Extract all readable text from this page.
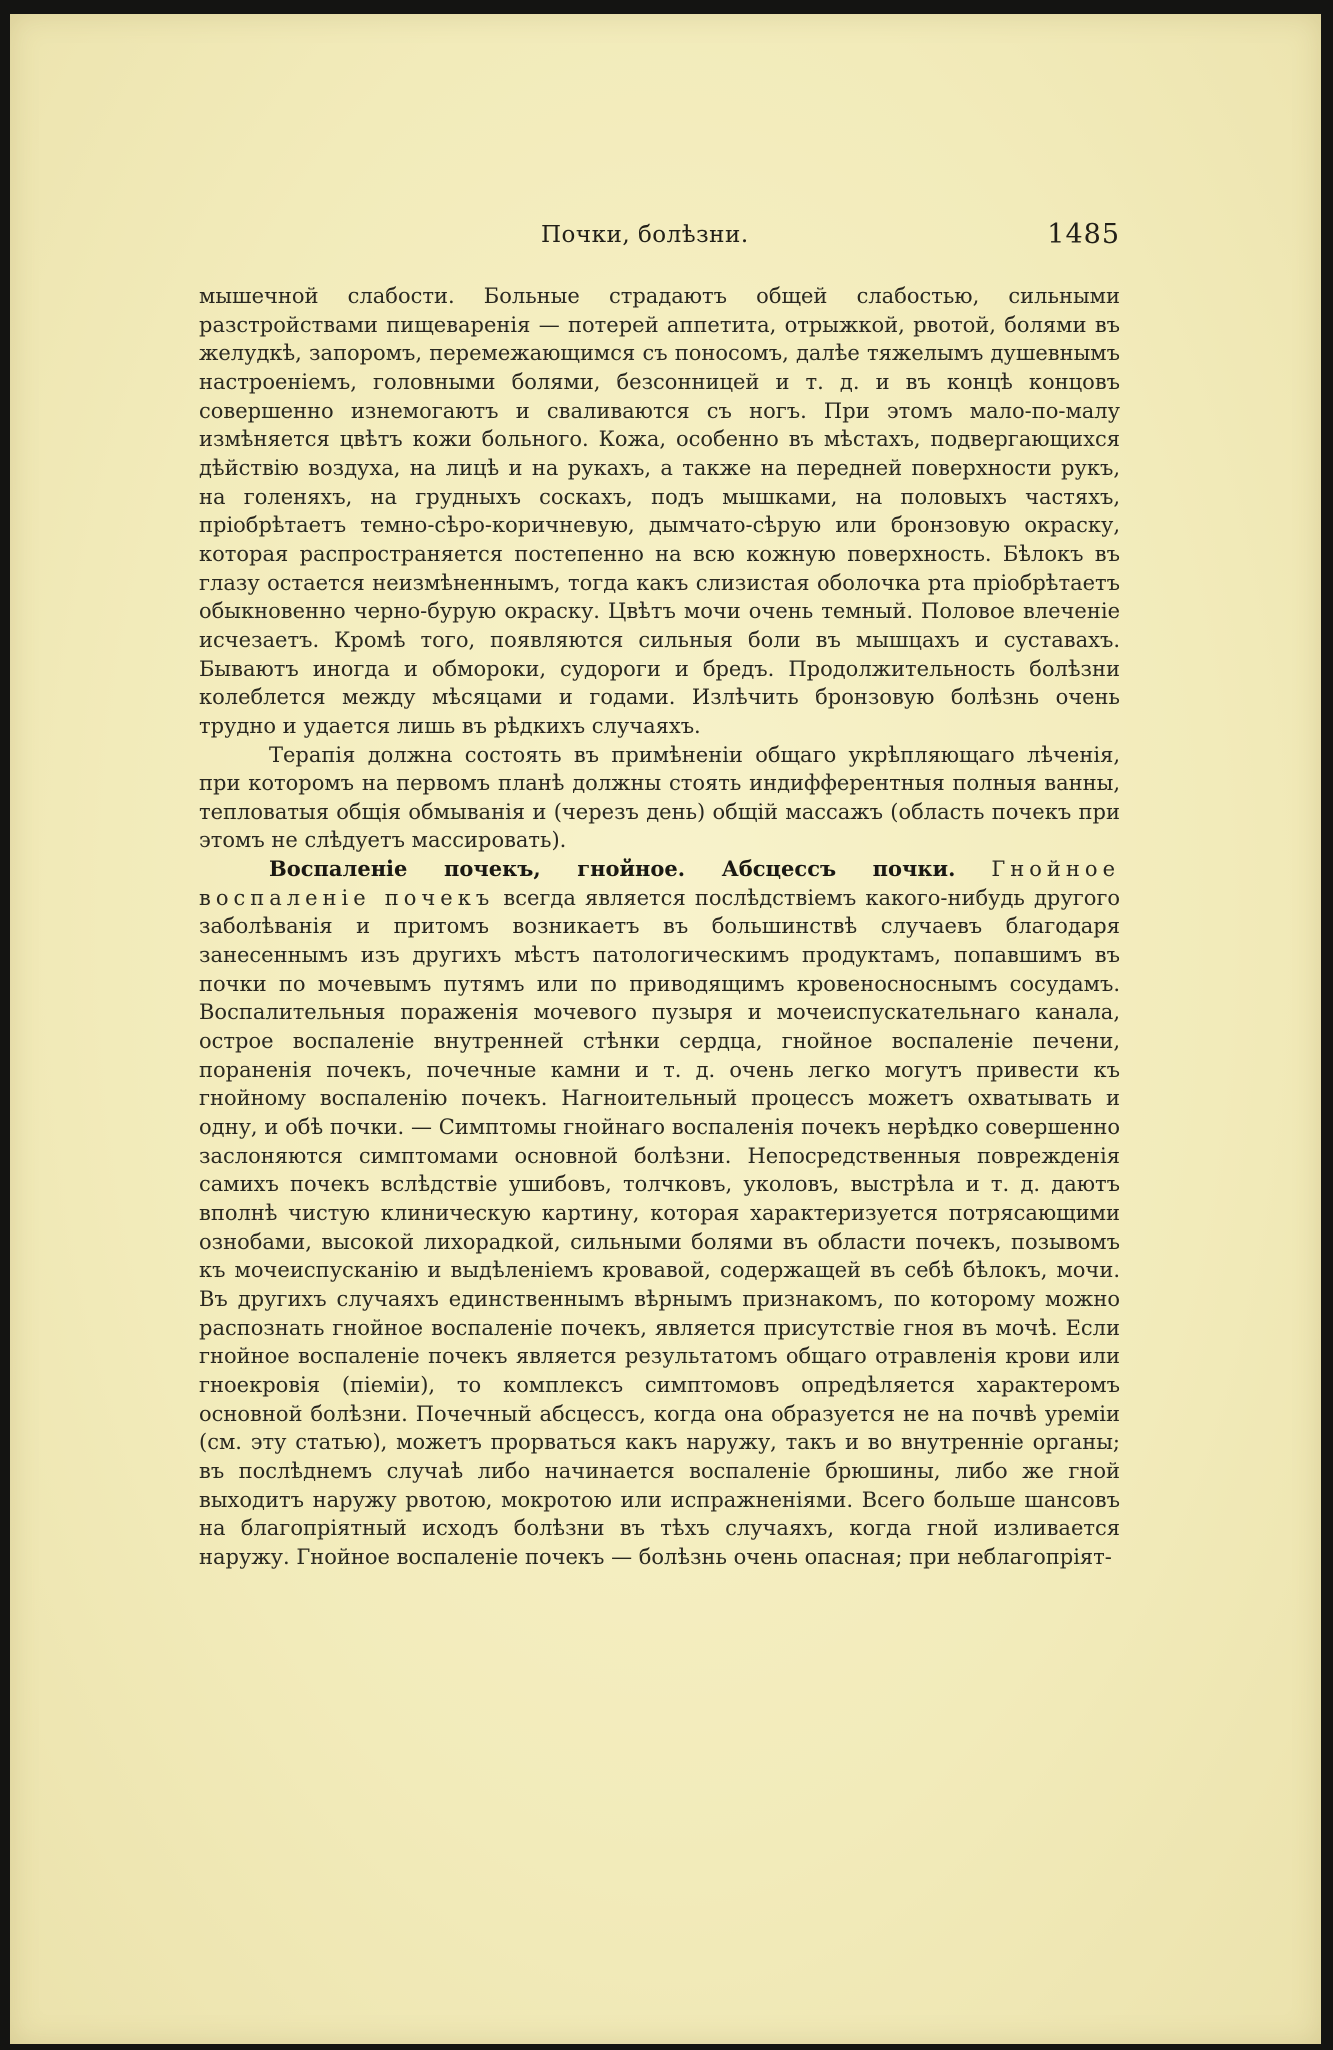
Почки, болѣзни.	1485

мышечной слабости. Больные страдаютъ общей слабостью, сильными разстройствами пищеваренія — потерей аппетита, отрыжкой, рвотой, болями въ желудкѣ, запоромъ, перемежающимся съ поносомъ, далѣе тяжелымъ душевнымъ настроеніемъ, головными болями, безсонницей и т. д. и въ концѣ концовъ совершенно изнемогаютъ и сваливаются съ ногъ. При этомъ мало-по-малу измѣняется цвѣтъ кожи больного. Кожа, особенно въ мѣстахъ, подвергающихся дѣйствію воздуха, на лицѣ и на рукахъ, а также на передней поверхности рукъ, на голеняхъ, на грудныхъ соскахъ, подъ мышками, на половыхъ частяхъ, пріобрѣтаетъ темно-сѣро-коричневую, дымчато-сѣрую или бронзовую окраску, которая распространяется постепенно на всю кожную поверхность. Бѣлокъ въ глазу остается неизмѣненнымъ, тогда какъ слизистая оболочка рта пріобрѣтаетъ обыкновенно черно-бурую окраску. Цвѣтъ мочи очень темный. Половое влеченіе исчезаетъ. Кромѣ того, появляются сильныя боли въ мышцахъ и суставахъ. Бываютъ иногда и обмороки, судороги и бредъ. Продолжительность болѣзни колеблется между мѣсяцами и годами. Излѣчить бронзовую болѣзнь очень трудно и удается лишь въ рѣдкихъ случаяхъ.

Терапія должна состоять въ примѣненіи общаго укрѣпляющаго лѣченія, при которомъ на первомъ планѣ должны стоять индифферентныя полныя ванны, тепловатыя общія обмыванія и (черезъ день) общій массажъ (область почекъ при этомъ не слѣдуетъ массировать).

Воспаленіе почекъ, гнойное. Абсцессъ почки. Гнойное воспаленіе почекъ всегда является послѣдствіемъ какого-нибудь другого заболѣванія и притомъ возникаетъ въ большинствѣ случаевъ благодаря занесеннымъ изъ другихъ мѣстъ патологическимъ продуктамъ, попавшимъ въ почки по мочевымъ путямъ или по приводящимъ кровеносноснымъ сосудамъ. Воспалительныя пораженія мочевого пузыря и мочеиспускательнаго канала, острое воспаленіе внутренней стѣнки сердца, гнойное воспаленіе печени, пораненія почекъ, почечные камни и т. д. очень легко могутъ привести къ гнойному воспаленію почекъ. Нагноительный процессъ можетъ охватывать и одну, и обѣ почки. — Симптомы гнойнаго воспаленія почекъ нерѣдко совершенно заслоняются симптомами основной болѣзни. Непосредственныя поврежденія самихъ почекъ вслѣдствіе ушибовъ, толчковъ, уколовъ, выстрѣла и т. д. даютъ вполнѣ чистую клиническую картину, которая характеризуется потрясающими ознобами, высокой лихорадкой, сильными болями въ области почекъ, позывомъ къ мочеиспусканію и выдѣленіемъ кровавой, содержащей въ себѣ бѣлокъ, мочи. Въ другихъ случаяхъ единственнымъ вѣрнымъ признакомъ, по которому можно распознать гнойное воспаленіе почекъ, является присутствіе гноя въ мочѣ. Если гнойное воспаленіе почекъ является результатомъ общаго отравленія крови или гноекровія (піеміи), то комплексъ симптомовъ опредѣляется характеромъ основной болѣзни. Почечный абсцессъ, когда она образуется не на почвѣ уреміи (см. эту статью), можетъ прорваться какъ наружу, такъ и во внутренніе органы; въ послѣднемъ случаѣ либо начинается воспаленіе брюшины, либо же гной выходитъ наружу рвотою, мокротою или испражненіями. Всего больше шансовъ на благопріятный исходъ болѣзни въ тѣхъ случаяхъ, когда гной изливается наружу. Гнойное воспаленіе почекъ — болѣзнь очень опасная; при неблагопріят-
